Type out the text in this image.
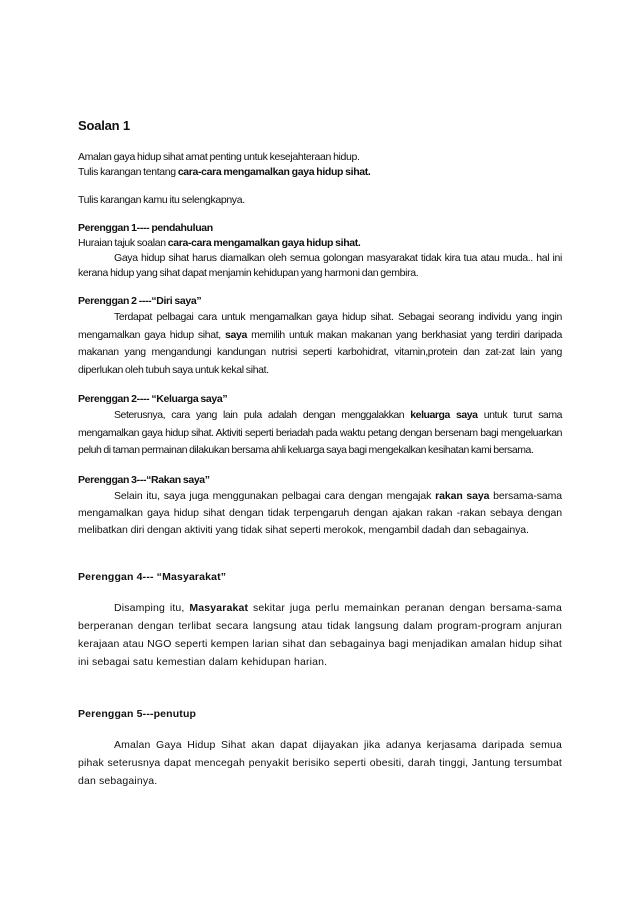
Soalan 1

Amalan gaya hidup sihat amat penting untuk kesejahteraan hidup.

Tulis karangan tentang cara-cara mengamalkan gaya hidup sihat.

Tulis karangan kamu itu selengkapnya.

Perenggan 1---- pendahuluan

Huraian tajuk soalan cara-cara mengamalkan gaya hidup sihat.

Gaya hidup sihat harus diamalkan oleh semua golongan masyarakat tidak kira tua atau muda.. hal ini kerana hidup yang sihat dapat menjamin kehidupan yang harmoni dan gembira.

Perenggan 2 ----“Diri saya”

Terdapat pelbagai cara untuk mengamalkan gaya hidup sihat. Sebagai seorang individu yang ingin mengamalkan gaya hidup sihat, saya memilih untuk makan makanan yang berkhasiat yang terdiri daripada makanan yang mengandungi kandungan nutrisi seperti karbohidrat, vitamin,protein dan zat-zat lain yang diperlukan oleh tubuh saya untuk kekal sihat.

Perenggan 2---- “Keluarga saya”

Seterusnya, cara yang lain pula adalah dengan menggalakkan keluarga saya untuk turut sama mengamalkan gaya hidup sihat. Aktiviti seperti beriadah pada waktu petang dengan bersenam bagi mengeluarkan peluh di taman permainan dilakukan bersama ahli keluarga saya bagi mengekalkan kesihatan kami bersama.

Perenggan 3---“Rakan saya”

Selain itu, saya juga menggunakan pelbagai cara dengan mengajak rakan saya bersama-sama mengamalkan gaya hidup sihat dengan tidak terpengaruh dengan ajakan rakan -rakan sebaya dengan melibatkan diri dengan aktiviti yang tidak sihat seperti merokok, mengambil dadah dan sebagainya.

Perenggan 4--- “Masyarakat”

Disamping itu, Masyarakat sekitar juga perlu memainkan peranan dengan bersama-sama berperanan dengan terlibat secara langsung atau tidak langsung dalam program-program anjuran kerajaan atau NGO seperti kempen larian sihat dan sebagainya bagi menjadikan amalan hidup sihat ini sebagai satu kemestian dalam kehidupan harian.

Perenggan 5---penutup

Amalan Gaya Hidup Sihat akan dapat dijayakan jika adanya kerjasama daripada semua pihak seterusnya dapat mencegah penyakit berisiko seperti obesiti, darah tinggi, Jantung tersumbat dan sebagainya.
